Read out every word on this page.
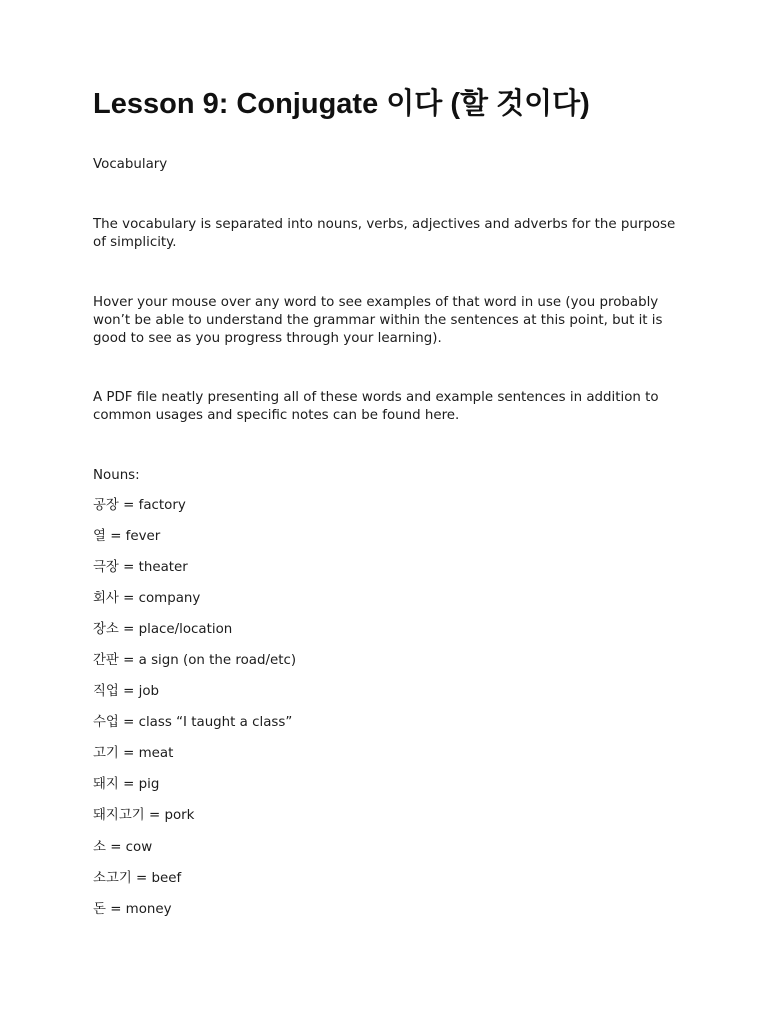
Lesson 9: Conjugate 이다 (할 것이다)

Vocabulary

The vocabulary is separated into nouns, verbs, adjectives and adverbs for the purpose of simplicity.

Hover your mouse over any word to see examples of that word in use (you probably won’t be able to understand the grammar within the sentences at this point, but it is good to see as you progress through your learning).

A PDF file neatly presenting all of these words and example sentences in addition to common usages and specific notes can be found here.

Nouns:

공장 = factory
열 = fever
극장 = theater
회사 = company
장소 = place/location
간판 = a sign (on the road/etc)
직업 = job
수업 = class “I taught a class”
고기 = meat
돼지 = pig
돼지고기 = pork
소 = cow
소고기 = beef
돈 = money
